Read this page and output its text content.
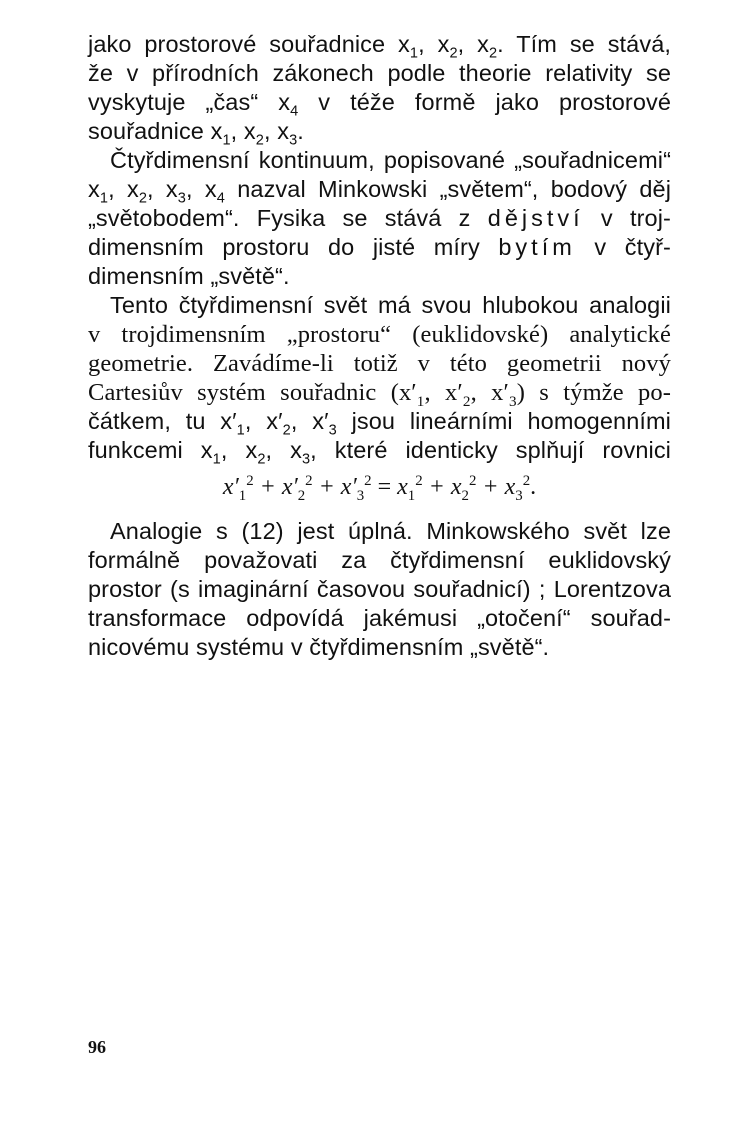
jako prostorové souřadnice $x_1$, $x_2$, $x_2$. Tím se stává,
že v přírodních zákonech podle theorie relativity se
vyskytuje „čas“ $x_4$ v téže formě jako prostorové
souřadnice $x_1$, $x_2$, $x_3$.
Čtyřdimensní kontinuum, popisované „souřadnicemi“
$x_1$, $x_2$, $x_3$, $x_4$ nazval Minkowski „světem“, bodový děj
„světobodem“. Fysika se stává z dějství v troj-
dimensním prostoru do jisté míry bytím v čtyř-
dimensním „světě“.
Tento čtyřdimensní svět má svou hlubokou analogii
v trojdimensním „prostoru“ (euklidovské) analytické
geometrie. Zavádíme-li totiž v této geometrii nový
Cartesiův systém souřadnic ($x'_1$, $x'_2$, $x'_3$) s týmže po-
čátkem, tu $x'_1$, $x'_2$, $x'_3$ jsou lineárními homogenními
funkcemi $x_1$, $x_2$, $x_3$, které identicky splňují rovnici
$x'_1^2 + x'_2^2 + x'_3^2 = x_1^2 + x_2^2 + x_3^2$.
Analogie s (12) jest úplná. Minkowského svět lze
formálně považovati za čtyřdimensní euklidovský
prostor (s imaginární časovou souřadnicí) ; Lorentzova
transformace odpovídá jakémusi „otočení“ souřad-
nicovému systému v čtyřdimensním „světě“.
96
